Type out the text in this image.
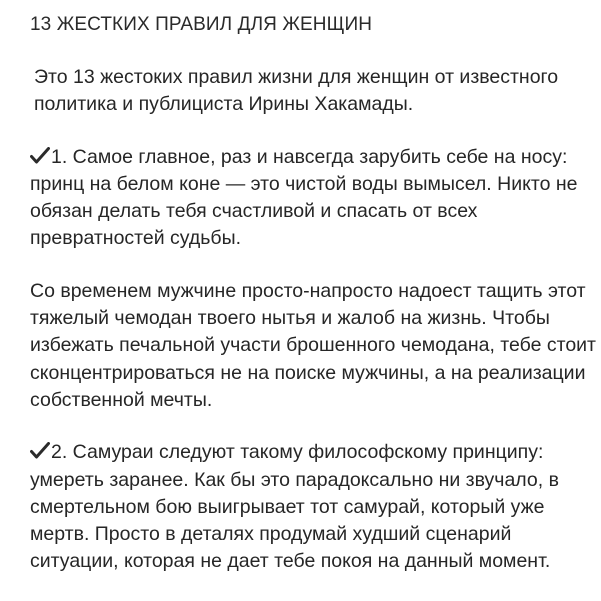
13 ЖЕСТКИХ ПРАВИЛ ДЛЯ ЖЕНЩИН

Это 13 жестоких правил жизни для женщин от известного политика и публициста Ирины Хакамады.

1. Самое главное, раз и навсегда зарубить себе на носу: принц на белом коне — это чистой воды вымысел. Никто не обязан делать тебя счастливой и спасать от всех превратностей судьбы.

Со временем мужчине просто-напросто надоест тащить этот тяжелый чемодан твоего нытья и жалоб на жизнь. Чтобы избежать печальной участи брошенного чемодана, тебе стоит сконцентрироваться не на поиске мужчины, а на реализации собственной мечты.

2. Самураи следуют такому философскому принципу: умереть заранее. Как бы это парадоксально ни звучало, в смертельном бою выигрывает тот самурай, который уже мертв. Просто в деталях продумай худший сценарий ситуации, которая не дает тебе покоя на данный момент.
